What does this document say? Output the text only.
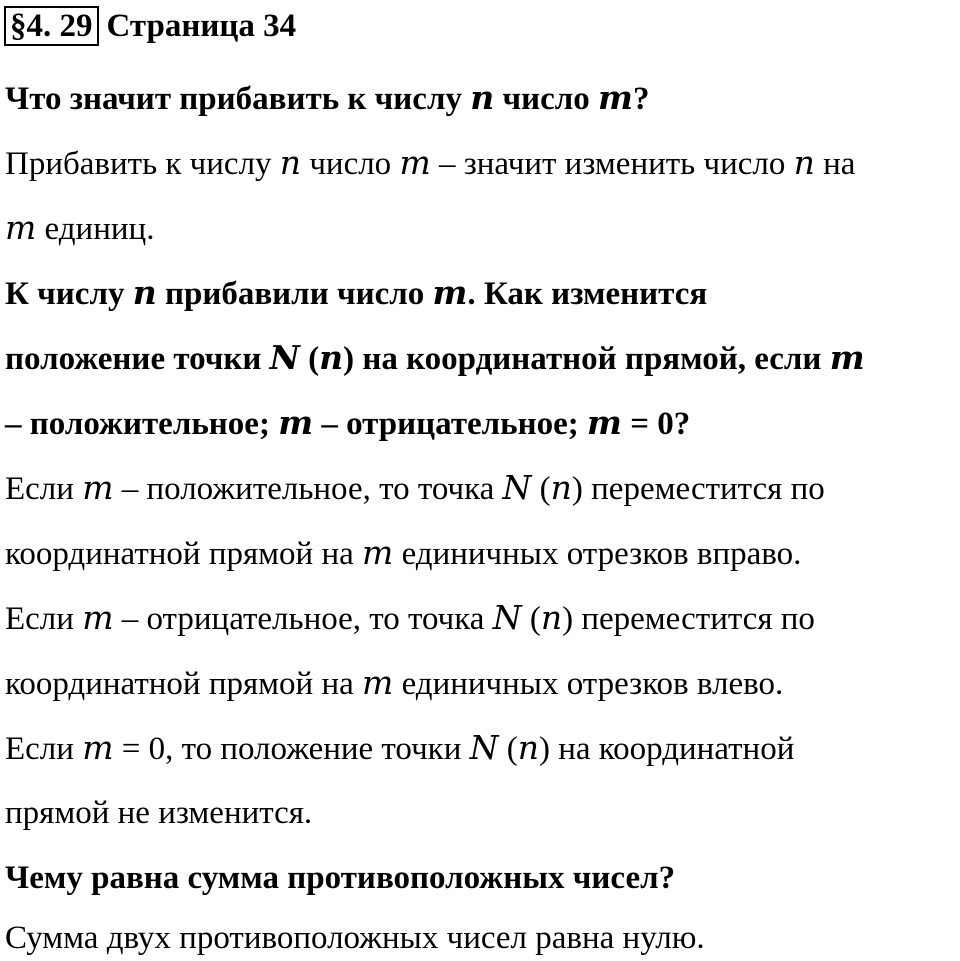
§4. 29 Страница 34
Что значит прибавить к числу n число m?
Прибавить к числу n число m – значит изменить число n на
m единиц.
К числу n прибавили число m. Как изменится
положение точки N (n) на координатной прямой, если m
– положительное; m – отрицательное; m = 0?
Если m – положительное, то точка N (n) переместится по
координатной прямой на m единичных отрезков вправо.
Если m – отрицательное, то точка N (n) переместится по
координатной прямой на m единичных отрезков влево.
Если m = 0, то положение точки N (n) на координатной
прямой не изменится.
Чему равна сумма противоположных чисел?
Сумма двух противоположных чисел равна нулю.
